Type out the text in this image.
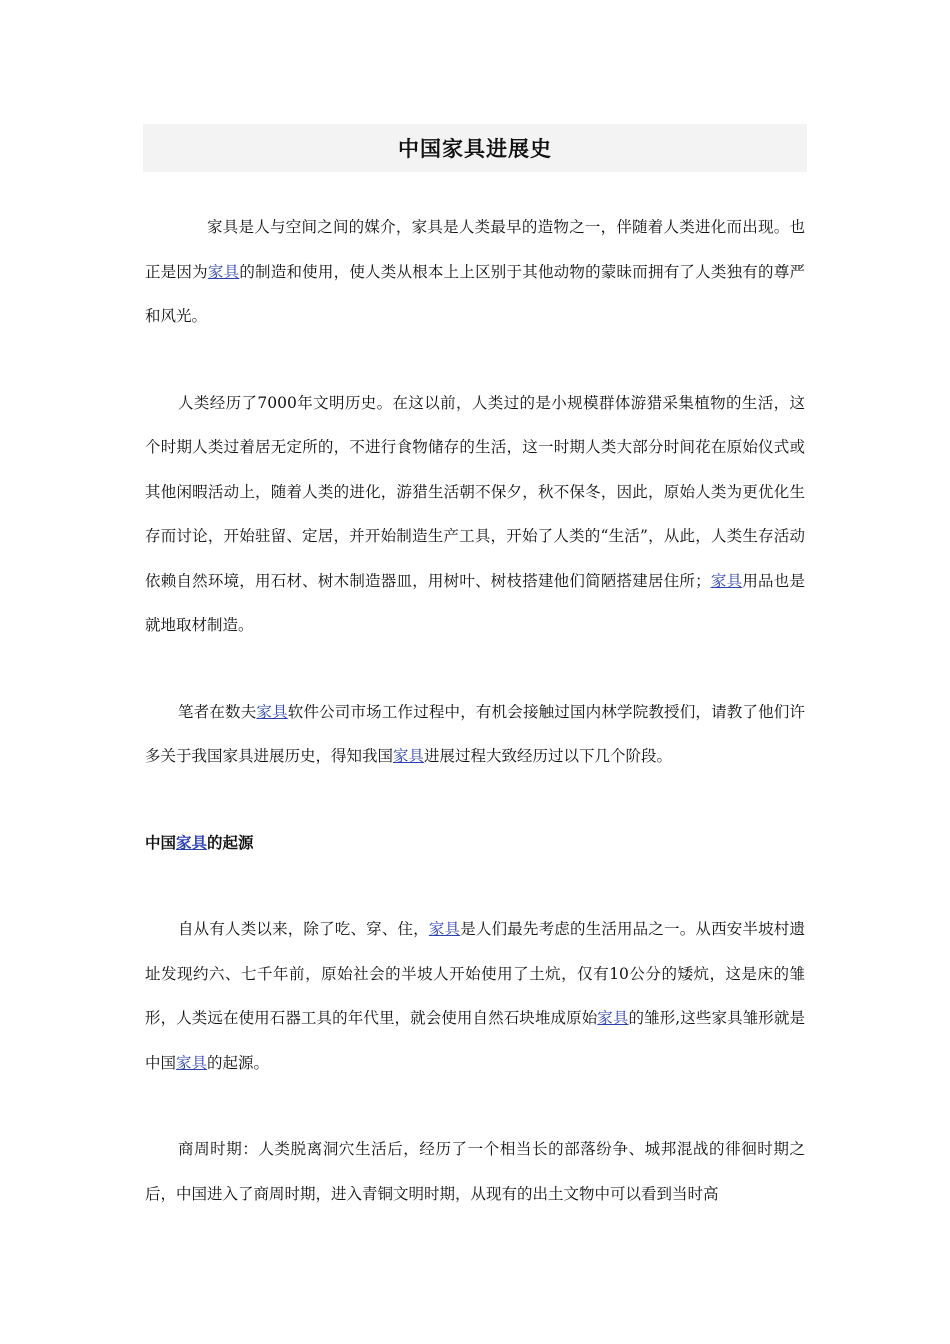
中国家具进展史

家具是人与空间之间的媒介，家具是人类最早的造物之一，伴随着人类进化而出现。也正是因为家具的制造和使用，使人类从根本上上区别于其他动物的蒙昧而拥有了人类独有的尊严和风光。

人类经历了7000年文明历史。在这以前，人类过的是小规模群体游猎采集植物的生活，这个时期人类过着居无定所的，不进行食物储存的生活，这一时期人类大部分时间花在原始仪式或其他闲暇活动上，随着人类的进化，游猎生活朝不保夕，秋不保冬，因此，原始人类为更优化生存而讨论，开始驻留、定居，并开始制造生产工具，开始了人类的“生活”，从此，人类生存活动依赖自然环境，用石材、树木制造器皿，用树叶、树枝搭建他们简陋搭建居住所；家具用品也是就地取材制造。

笔者在数夫家具软件公司市场工作过程中，有机会接触过国内林学院教授们，请教了他们许多关于我国家具进展历史，得知我国家具进展过程大致经历过以下几个阶段。

中国家具的起源

自从有人类以来，除了吃、穿、住，家具是人们最先考虑的生活用品之一。从西安半坡村遗址发现约六、七千年前，原始社会的半坡人开始使用了土炕，仅有10公分的矮炕，这是床的雏形，人类远在使用石器工具的年代里，就会使用自然石块堆成原始家具的雏形,这些家具雏形就是中国家具的起源。

商周时期：人类脱离洞穴生活后，经历了一个相当长的部落纷争、城邦混战的徘徊时期之后，中国进入了商周时期，进入青铜文明时期，从现有的出土文物中可以看到当时高
